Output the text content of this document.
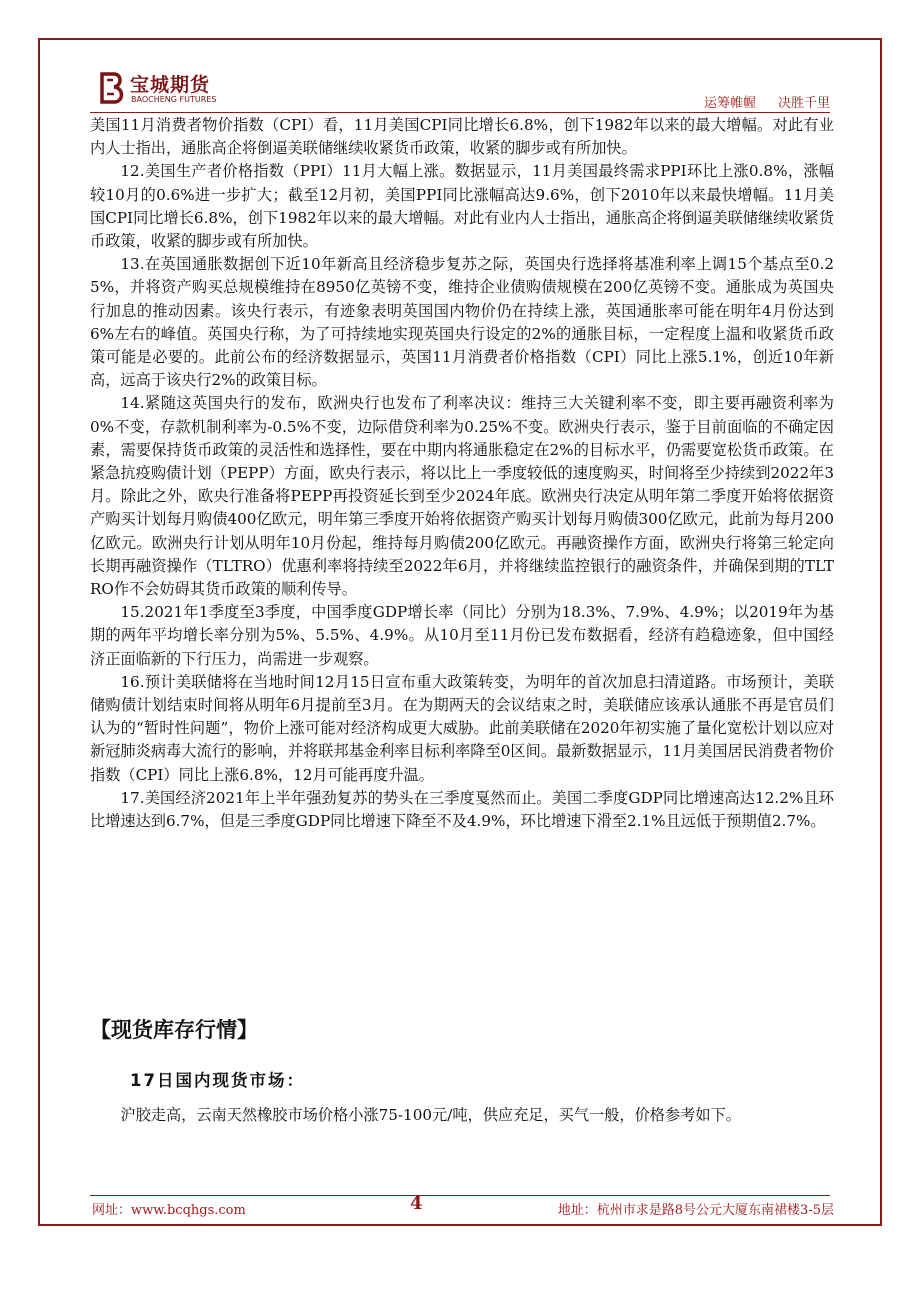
宝城期货
BAOCHENG FUTURES	运筹帷幄 决胜千里

美国11月消费者物价指数（CPI）看，11月美国CPI同比增长6.8%，创下1982年以来的最大增幅。对此有业内人士指出，通胀高企将倒逼美联储继续收紧货币政策，收紧的脚步或有所加快。

12.美国生产者价格指数（PPI）11月大幅上涨。数据显示，11月美国最终需求PPI环比上涨0.8%，涨幅较10月的0.6%进一步扩大；截至12月初，美国PPI同比涨幅高达9.6%，创下2010年以来最快增幅。11月美国CPI同比增长6.8%，创下1982年以来的最大增幅。对此有业内人士指出，通胀高企将倒逼美联储继续收紧货币政策，收紧的脚步或有所加快。

13.在英国通胀数据创下近10年新高且经济稳步复苏之际，英国央行选择将基准利率上调15个基点至0.25%，并将资产购买总规模维持在8950亿英镑不变，维持企业债购债规模在200亿英镑不变。通胀成为英国央行加息的推动因素。该央行表示，有迹象表明英国国内物价仍在持续上涨，英国通胀率可能在明年4月份达到6%左右的峰值。英国央行称，为了可持续地实现英国央行设定的2%的通胀目标，一定程度上温和收紧货币政策可能是必要的。此前公布的经济数据显示，英国11月消费者价格指数（CPI）同比上涨5.1%，创近10年新高，远高于该央行2%的政策目标。

14.紧随这英国央行的发布，欧洲央行也发布了利率决议：维持三大关键利率不变，即主要再融资利率为0%不变，存款机制利率为-0.5%不变，边际借贷利率为0.25%不变。欧洲央行表示，鉴于目前面临的不确定因素，需要保持货币政策的灵活性和选择性，要在中期内将通胀稳定在2%的目标水平，仍需要宽松货币政策。在紧急抗疫购债计划（PEPP）方面，欧央行表示，将以比上一季度较低的速度购买，时间将至少持续到2022年3月。除此之外，欧央行准备将PEPP再投资延长到至少2024年底。欧洲央行决定从明年第二季度开始将依据资产购买计划每月购债400亿欧元，明年第三季度开始将依据资产购买计划每月购债300亿欧元，此前为每月200亿欧元。欧洲央行计划从明年10月份起，维持每月购债200亿欧元。再融资操作方面，欧洲央行将第三轮定向长期再融资操作（TLTRO）优惠利率将持续至2022年6月，并将继续监控银行的融资条件，并确保到期的TLTRO作不会妨碍其货币政策的顺利传导。

15.2021年1季度至3季度，中国季度GDP增长率（同比）分别为18.3%、7.9%、4.9%；以2019年为基期的两年平均增长率分别为5%、5.5%、4.9%。从10月至11月份已发布数据看，经济有趋稳迹象，但中国经济正面临新的下行压力，尚需进一步观察。

16.预计美联储将在当地时间12月15日宣布重大政策转变，为明年的首次加息扫清道路。市场预计，美联储购债计划结束时间将从明年6月提前至3月。在为期两天的会议结束之时，美联储应该承认通胀不再是官员们认为的“暂时性问题”，物价上涨可能对经济构成更大威胁。此前美联储在2020年初实施了量化宽松计划以应对新冠肺炎病毒大流行的影响，并将联邦基金利率目标利率降至0区间。最新数据显示，11月美国居民消费者物价指数（CPI）同比上涨6.8%，12月可能再度升温。

17.美国经济2021年上半年强劲复苏的势头在三季度戛然而止。美国二季度GDP同比增速高达12.2%且环比增速达到6.7%，但是三季度GDP同比增速下降至不及4.9%，环比增速下滑至2.1%且远低于预期值2.7%。

【现货库存行情】
17日国内现货市场：
沪胶走高，云南天然橡胶市场价格小涨75-100元/吨，供应充足，买气一般，价格参考如下。
网址：www.bcqhgs.com	4	地址：杭州市求是路8号公元大厦东南裙楼3-5层
